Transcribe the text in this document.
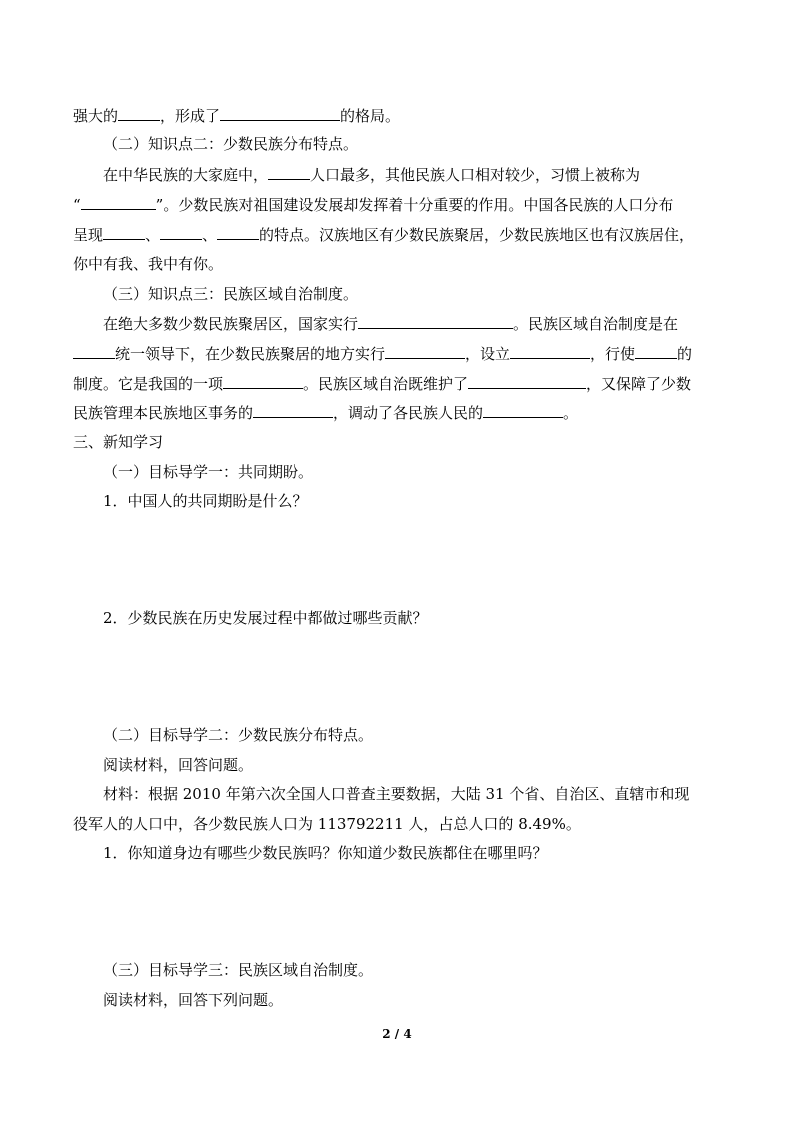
强大的	，形成了	的格局。
（二）知识点二：少数民族分布特点。
在中华民族的大家庭中，	人口最多，其他民族人口相对较少，习惯上被称为
“	”。少数民族对祖国建设发展却发挥着十分重要的作用。中国各民族的人口分布
呈现	、	、	的特点。汉族地区有少数民族聚居，少数民族地区也有汉族居住，
你中有我、我中有你。
（三）知识点三：民族区域自治制度。
在绝大多数少数民族聚居区，国家实行	。民族区域自治制度是在
统一领导下，在少数民族聚居的地方实行	，设立	，行使	的
制度。它是我国的一项	。民族区域自治既维护了	，又保障了少数
民族管理本民族地区事务的	，调动了各民族人民的	。
三、新知学习
（一）目标导学一：共同期盼。
1．中国人的共同期盼是什么？
2．少数民族在历史发展过程中都做过哪些贡献？
（二）目标导学二：少数民族分布特点。
阅读材料，回答问题。
材料：根据 2010 年第六次全国人口普查主要数据，大陆 31 个省、自治区、直辖市和现
役军人的人口中，各少数民族人口为 113792211 人，占总人口的 8.49%。
1．你知道身边有哪些少数民族吗？你知道少数民族都住在哪里吗？
（三）目标导学三：民族区域自治制度。
阅读材料，回答下列问题。
2 / 4
